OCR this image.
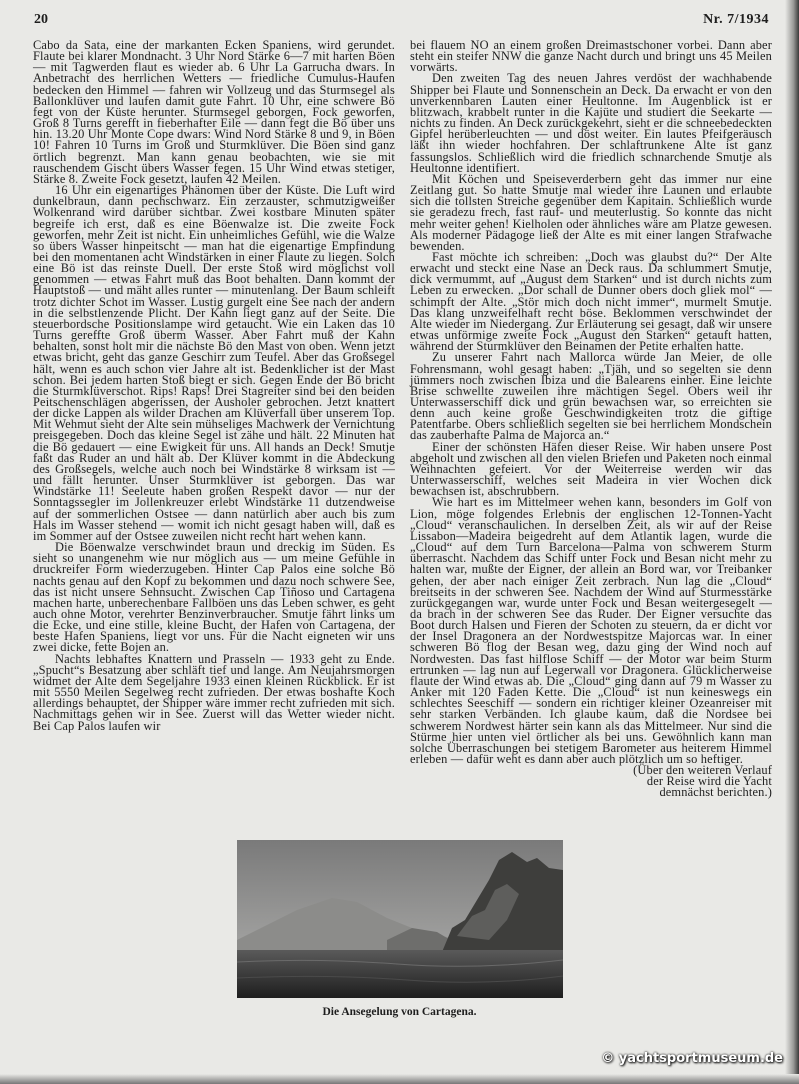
20	Nr. 7/1934

Cabo da Sata, eine der markanten Ecken Spaniens, wird gerundet. Flaute bei klarer Mondnacht. 3 Uhr Nord Stärke 6—7 mit harten Böen — mit Tagwerden flaut es wieder ab. 6 Uhr La Garrucha dwars. In Anbetracht des herrlichen Wetters — friedliche Cumulus-Haufen bedecken den Himmel — fahren wir Vollzeug und das Sturmsegel als Ballonklüver und laufen damit gute Fahrt. 10 Uhr, eine schwere Bö fegt von der Küste herunter. Sturmsegel geborgen, Fock geworfen, Groß 8 Turns gerefft in fieberhafter Eile — dann fegt die Bö über uns hin. 13.20 Uhr Monte Cope dwars: Wind Nord Stärke 8 und 9, in Böen 10! Fahren 10 Turns im Groß und Sturmklüver. Die Böen sind ganz örtlich begrenzt. Man kann genau beobachten, wie sie mit rauschendem Gischt übers Wasser fegen. 15 Uhr Wind etwas stetiger, Stärke 8. Zweite Fock gesetzt, laufen 42 Meilen.

16 Uhr ein eigenartiges Phänomen über der Küste. Die Luft wird dunkelbraun, dann pechschwarz. Ein zerzauster, schmutzigweißer Wolkenrand wird darüber sichtbar. Zwei kostbare Minuten später begreife ich erst, daß es eine Böenwalze ist. Die zweite Fock geworfen, mehr Zeit ist nicht. Ein unheimliches Gefühl, wie die Walze so übers Wasser hinpeitscht — man hat die eigenartige Empfindung bei den momentanen acht Windstärken in einer Flaute zu liegen. Solch eine Bö ist das reinste Duell. Der erste Stoß wird möglichst voll genommen — etwas Fahrt muß das Boot behalten. Dann kommt der Hauptstoß — und mäht alles runter — minutenlang. Der Baum schleift trotz dichter Schot im Wasser. Lustig gurgelt eine See nach der andern in die selbstlenzende Plicht. Der Kahn liegt ganz auf der Seite. Die steuerbordsche Positionslampe wird getaucht. Wie ein Laken das 10 Turns gereffte Groß überm Wasser. Aber Fahrt muß der Kahn behalten, sonst holt mir die nächste Bö den Mast von oben. Wenn jetzt etwas bricht, geht das ganze Geschirr zum Teufel. Aber das Großsegel hält, wenn es auch schon vier Jahre alt ist. Bedenklicher ist der Mast schon. Bei jedem harten Stoß biegt er sich. Gegen Ende der Bö bricht die Sturmklüverschot. Rips! Raps! Drei Stagreiter sind bei den beiden Peitschenschlägen abgerissen, der Ausholer gebrochen. Jetzt knattert der dicke Lappen als wilder Drachen am Klüverfall über unserem Top. Mit Wehmut sieht der Alte sein mühseliges Machwerk der Vernichtung preisgegeben. Doch das kleine Segel ist zähe und hält. 22 Minuten hat die Bö gedauert — eine Ewigkeit für uns. All hands an Deck! Smutje faßt das Ruder an und hält ab. Der Klüver kommt in die Abdeckung des Großsegels, welche auch noch bei Windstärke 8 wirksam ist — und fällt herunter. Unser Sturmklüver ist geborgen. Das war Windstärke 11! Seeleute haben großen Respekt davor — nur der Sonntagssegler im Jollenkreuzer erlebt Windstärke 11 dutzendweise auf der sommerlichen Ostsee — dann natürlich aber auch bis zum Hals im Wasser stehend — womit ich nicht gesagt haben will, daß es im Sommer auf der Ostsee zuweilen nicht recht hart wehen kann.

Die Böenwalze verschwindet braun und dreckig im Süden. Es sieht so unangenehm wie nur möglich aus — um meine Gefühle in druckreifer Form wiederzugeben. Hinter Cap Palos eine solche Bö nachts genau auf den Kopf zu bekommen und dazu noch schwere See, das ist nicht unsere Sehnsucht. Zwischen Cap Tiñoso und Cartagena machen harte, unberechenbare Fallböen uns das Leben schwer, es geht auch ohne Motor, verehrter Benzinverbraucher. Smutje fährt links um die Ecke, und eine stille, kleine Bucht, der Hafen von Cartagena, der beste Hafen Spaniens, liegt vor uns. Für die Nacht eigneten wir uns zwei dicke, fette Bojen an.

Nachts lebhaftes Knattern und Prasseln — 1933 geht zu Ende. „Spucht“s Besatzung aber schläft tief und lange. Am Neujahrsmorgen widmet der Alte dem Segeljahre 1933 einen kleinen Rückblick. Er ist mit 5550 Meilen Segelweg recht zufrieden. Der etwas boshafte Koch allerdings behauptet, der Shipper wäre immer recht zufrieden mit sich. Nachmittags gehen wir in See. Zuerst will das Wetter wieder nicht. Bei Cap Palos laufen wir

bei flauem NO an einem großen Dreimastschoner vorbei. Dann aber steht ein steifer NNW die ganze Nacht durch und bringt uns 45 Meilen vorwärts.

Den zweiten Tag des neuen Jahres verdöst der wachhabende Shipper bei Flaute und Sonnenschein an Deck. Da erwacht er von den unverkennbaren Lauten einer Heultonne. Im Augenblick ist er blitzwach, krabbelt runter in die Kajüte und studiert die Seekarte — nichts zu finden. An Deck zurückgekehrt, sieht er die schneebedeckten Gipfel herüberleuchten — und döst weiter. Ein lautes Pfeifgeräusch läßt ihn wieder hochfahren. Der schlaftrunkene Alte ist ganz fassungslos. Schließlich wird die friedlich schnarchende Smutje als Heultonne identifiert.

Mit Köchen und Speiseverderbern geht das immer nur eine Zeitlang gut. So hatte Smutje mal wieder ihre Launen und erlaubte sich die tollsten Streiche gegenüber dem Kapitain. Schließlich wurde sie geradezu frech, fast rauf- und meuterlustig. So konnte das nicht mehr weiter gehen! Kielholen oder ähnliches wäre am Platze gewesen. Als moderner Pädagoge ließ der Alte es mit einer langen Strafwache bewenden.

Fast möchte ich schreiben: „Doch was glaubst du?“ Der Alte erwacht und steckt eine Nase an Deck raus. Da schlummert Smutje, dick vermummt, auf „August dem Starken“ und ist durch nichts zum Leben zu erwecken. „Dor schall de Dunner obers doch gliek mol“ — schimpft der Alte. „Stör mich doch nicht immer“, murmelt Smutje. Das klang unzweifelhaft recht böse. Beklommen verschwindet der Alte wieder im Niedergang. Zur Erläuterung sei gesagt, daß wir unsere etwas unförmige zweite Fock „August den Starken“ getauft hatten, während der Sturmklüver den Beinamen der Petite erhalten hatte.

Zu unserer Fahrt nach Mallorca würde Jan Meier, de olle Fohrensmann, wohl gesagt haben: „Tjäh, und so segelten sie denn jümmers noch zwischen Ibiza und die Balearens einher. Eine leichte Brise schwellte zuweilen ihre mächtigen Segel. Obers weil ihr Unterwasserschiff dick und grün bewachsen war, so erreichten sie denn auch keine große Geschwindigkeiten trotz die giftige Patentfarbe. Obers schließlich segelten sie bei herrlichem Mondschein das zauberhafte Palma de Majorca an.“

Einer der schönsten Häfen dieser Reise. Wir haben unsere Post abgeholt und zwischen all den vielen Briefen und Paketen noch einmal Weihnachten gefeiert. Vor der Weiterreise werden wir das Unterwasserschiff, welches seit Madeira in vier Wochen dick bewachsen ist, abschrubbern.

Wie hart es im Mittelmeer wehen kann, besonders im Golf von Lion, möge folgendes Erlebnis der englischen 12-Tonnen-Yacht „Cloud“ veranschaulichen. In derselben Zeit, als wir auf der Reise Lissabon—Madeira beigedreht auf dem Atlantik lagen, wurde die „Cloud“ auf dem Turn Barcelona—Palma von schwerem Sturm überrascht. Nachdem das Schiff unter Fock und Besan nicht mehr zu halten war, mußte der Eigner, der allein an Bord war, vor Treibanker gehen, der aber nach einiger Zeit zerbrach. Nun lag die „Cloud“ breitseits in der schweren See. Nachdem der Wind auf Sturmesstärke zurückgegangen war, wurde unter Fock und Besan weitergesegelt — da brach in der schweren See das Ruder. Der Eigner versuchte das Boot durch Halsen und Fieren der Schoten zu steuern, da er dicht vor der Insel Dragonera an der Nordwestspitze Majorcas war. In einer schweren Bö flog der Besan weg, dazu ging der Wind noch auf Nordwesten. Das fast hilflose Schiff — der Motor war beim Sturm ertrunken — lag nun auf Legerwall vor Dragonera. Glücklicherweise flaute der Wind etwas ab. Die „Cloud“ ging dann auf 79 m Wasser zu Anker mit 120 Faden Kette. Die „Cloud“ ist nun keineswegs ein schlechtes Seeschiff — sondern ein richtiger kleiner Ozeanreiser mit sehr starken Verbänden. Ich glaube kaum, daß die Nordsee bei schwerem Nordwest härter sein kann als das Mittelmeer. Nur sind die Stürme hier unten viel örtlicher als bei uns. Gewöhnlich kann man solche Überraschungen bei stetigem Barometer aus heiterem Himmel erleben — dafür weht es dann aber auch plötzlich um so heftiger.

(Über den weiteren Verlauf der Reise wird die Yacht demnächst berichten.)

Die Ansegelung von Cartagena.
© yachtsportmuseum.de
